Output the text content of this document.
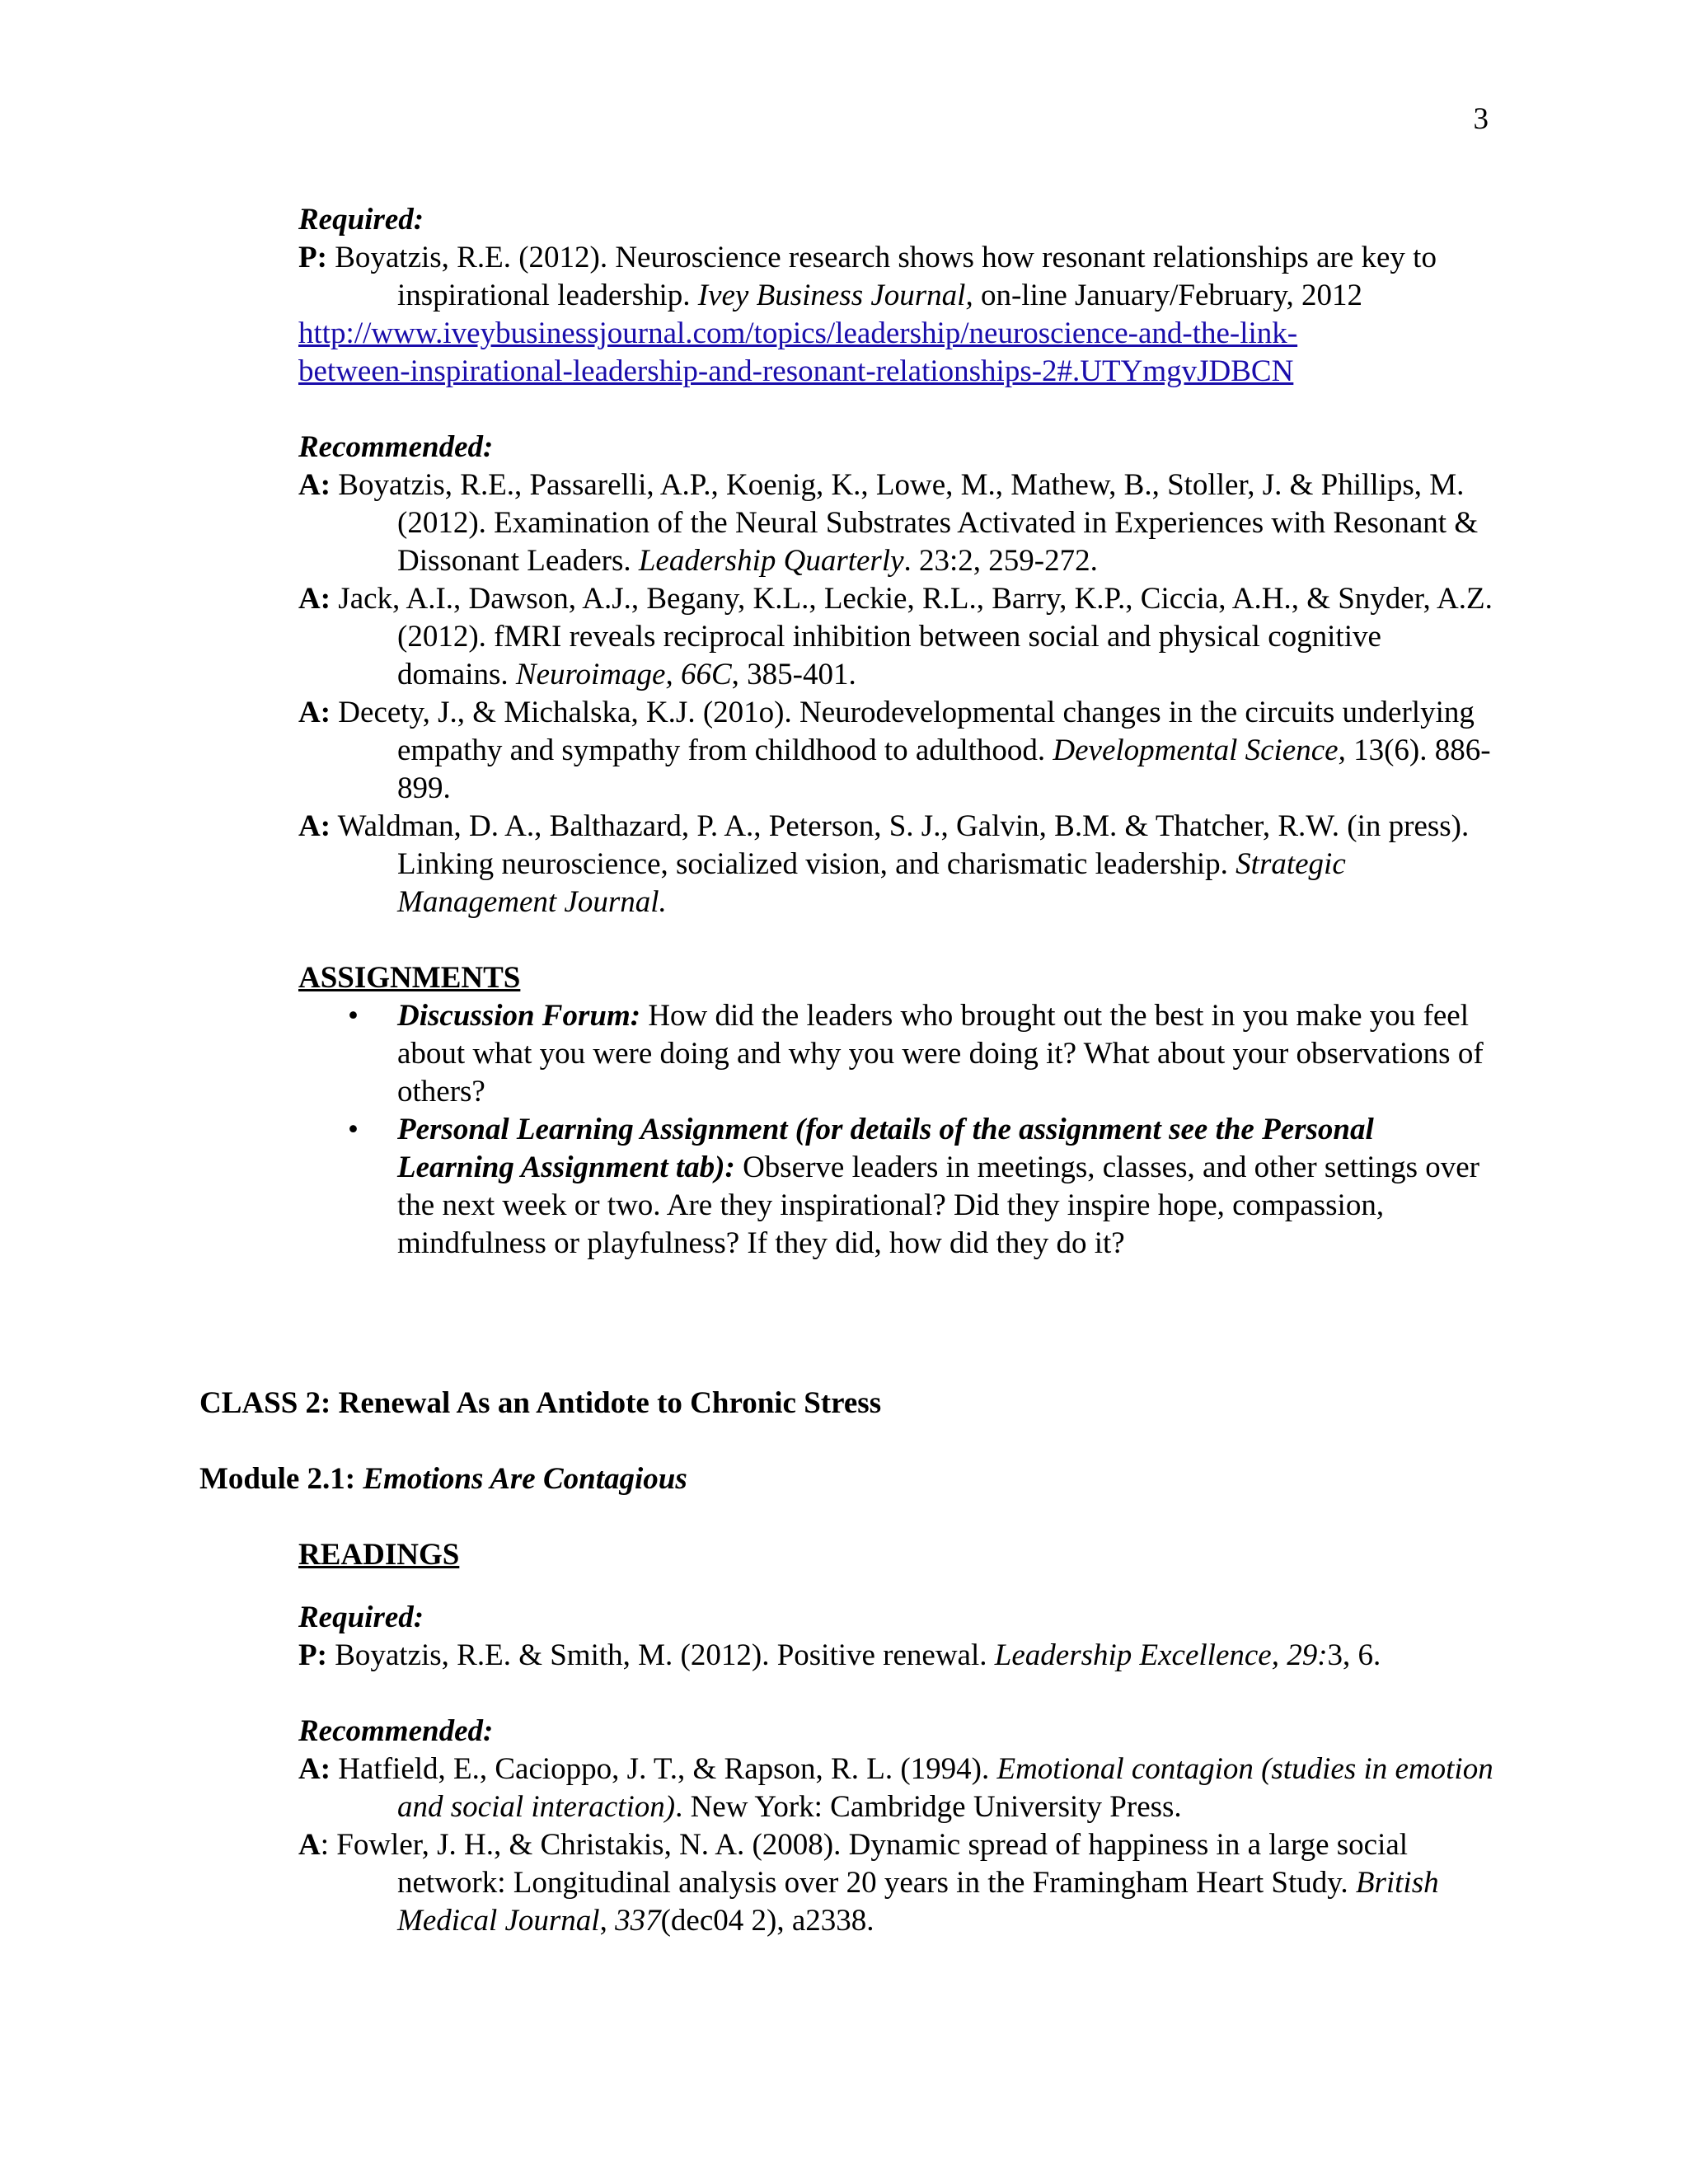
3
Required:
P: Boyatzis, R.E. (2012). Neuroscience research shows how resonant relationships are key to inspirational leadership. Ivey Business Journal, on-line January/February, 2012
http://www.iveybusinessjournal.com/topics/leadership/neuroscience-and-the-link-
between-inspirational-leadership-and-resonant-relationships-2#.UTYmgvJDBCN
Recommended:
A: Boyatzis, R.E., Passarelli, A.P., Koenig, K., Lowe, M., Mathew, B., Stoller, J. & Phillips, M. (2012). Examination of the Neural Substrates Activated in Experiences with Resonant & Dissonant Leaders. Leadership Quarterly. 23:2, 259-272.
A: Jack, A.I., Dawson, A.J., Begany, K.L., Leckie, R.L., Barry, K.P., Ciccia, A.H., & Snyder, A.Z. (2012). fMRI reveals reciprocal inhibition between social and physical cognitive domains. Neuroimage, 66C, 385-401.
A: Decety, J., & Michalska, K.J. (201o). Neurodevelopmental changes in the circuits underlying empathy and sympathy from childhood to adulthood. Developmental Science, 13(6). 886-899.
A: Waldman, D. A., Balthazard, P. A., Peterson, S. J., Galvin, B.M. & Thatcher, R.W. (in press). Linking neuroscience, socialized vision, and charismatic leadership. Strategic Management Journal.
ASSIGNMENTS
• Discussion Forum: How did the leaders who brought out the best in you make you feel about what you were doing and why you were doing it? What about your observations of others?
• Personal Learning Assignment (for details of the assignment see the Personal Learning Assignment tab): Observe leaders in meetings, classes, and other settings over the next week or two. Are they inspirational? Did they inspire hope, compassion, mindfulness or playfulness? If they did, how did they do it?
CLASS 2: Renewal As an Antidote to Chronic Stress
Module 2.1: Emotions Are Contagious
READINGS
Required:
P: Boyatzis, R.E. & Smith, M. (2012). Positive renewal. Leadership Excellence, 29:3, 6.
Recommended:
A: Hatfield, E., Cacioppo, J. T., & Rapson, R. L. (1994). Emotional contagion (studies in emotion and social interaction). New York: Cambridge University Press.
A: Fowler, J. H., & Christakis, N. A. (2008). Dynamic spread of happiness in a large social network: Longitudinal analysis over 20 years in the Framingham Heart Study. British Medical Journal, 337(dec04 2), a2338.
